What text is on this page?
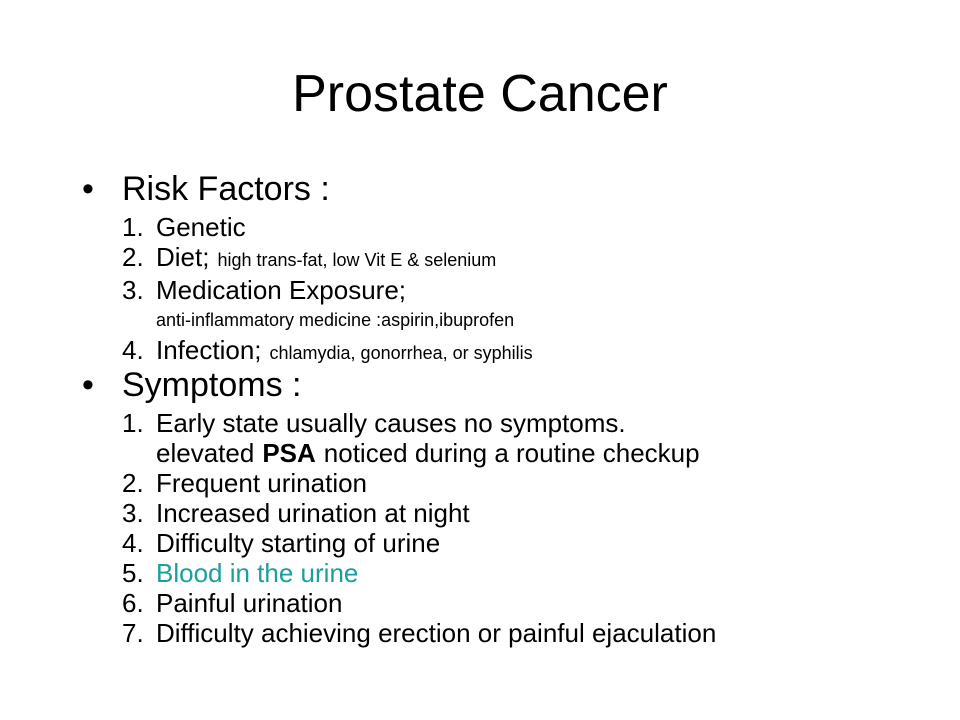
Prostate Cancer
• Risk Factors :
1. Genetic
2. Diet; high trans-fat, low Vit E & selenium
3. Medication Exposure;
anti-inflammatory medicine :aspirin,ibuprofen
4. Infection; chlamydia, gonorrhea, or syphilis
• Symptoms :
1. Early state usually causes no symptoms.
elevated PSA noticed during a routine checkup
2. Frequent urination
3. Increased urination at night
4. Difficulty starting of urine
5. Blood in the urine
6. Painful urination
7. Difficulty achieving erection or painful ejaculation
